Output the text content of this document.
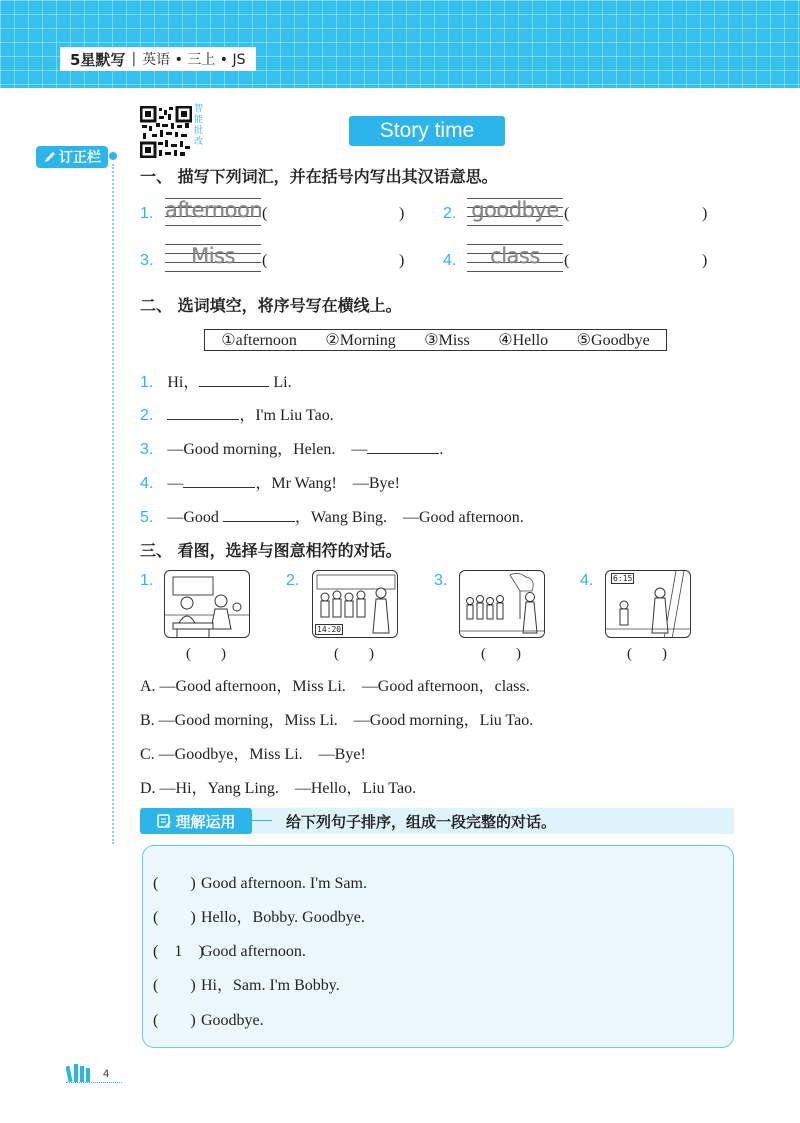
5星默写 | 英语 • 三上 • JS
订正栏
智能批改	Story time
一、 描写下列词汇，并在括号内写出其汉语意思。
1. afternoon (	) 2. goodbye (	)
3.	Miss	(	) 4.	class	(	)
二、 选词填空，将序号写在横线上。
①afternoon ②Morning ③Miss ④Hello ⑤Goodbye
1. Hi，	Li.
2.	，I'm Liu Tao.
3. —Good morning，Helen.　—	.
4. —	，Mr Wang!　—Bye!
5. —Good	，Wang Bing.　—Good afternoon.
三、 看图，选择与图意相符的对话。
1.
(　　)
2.
14:20
(　　)
3.
(　　)
4. 6:15
(　　)
A. —Good afternoon，Miss Li.　—Good afternoon，class.
B. —Good morning，Miss Li.　—Good morning，Liu Tao.
C. —Goodbye，Miss Li.　—Bye!
D. —Hi，Yang Ling.　—Hello，Liu Tao.
理解运用	给下列句子排序，组成一段完整的对话。
(　　) Good afternoon. I'm Sam.
(　　) Hello，Bobby. Goodbye.
(　1　)Good afternoon.
(　　) Hi，Sam. I'm Bobby.
(　　) Goodbye.
4
